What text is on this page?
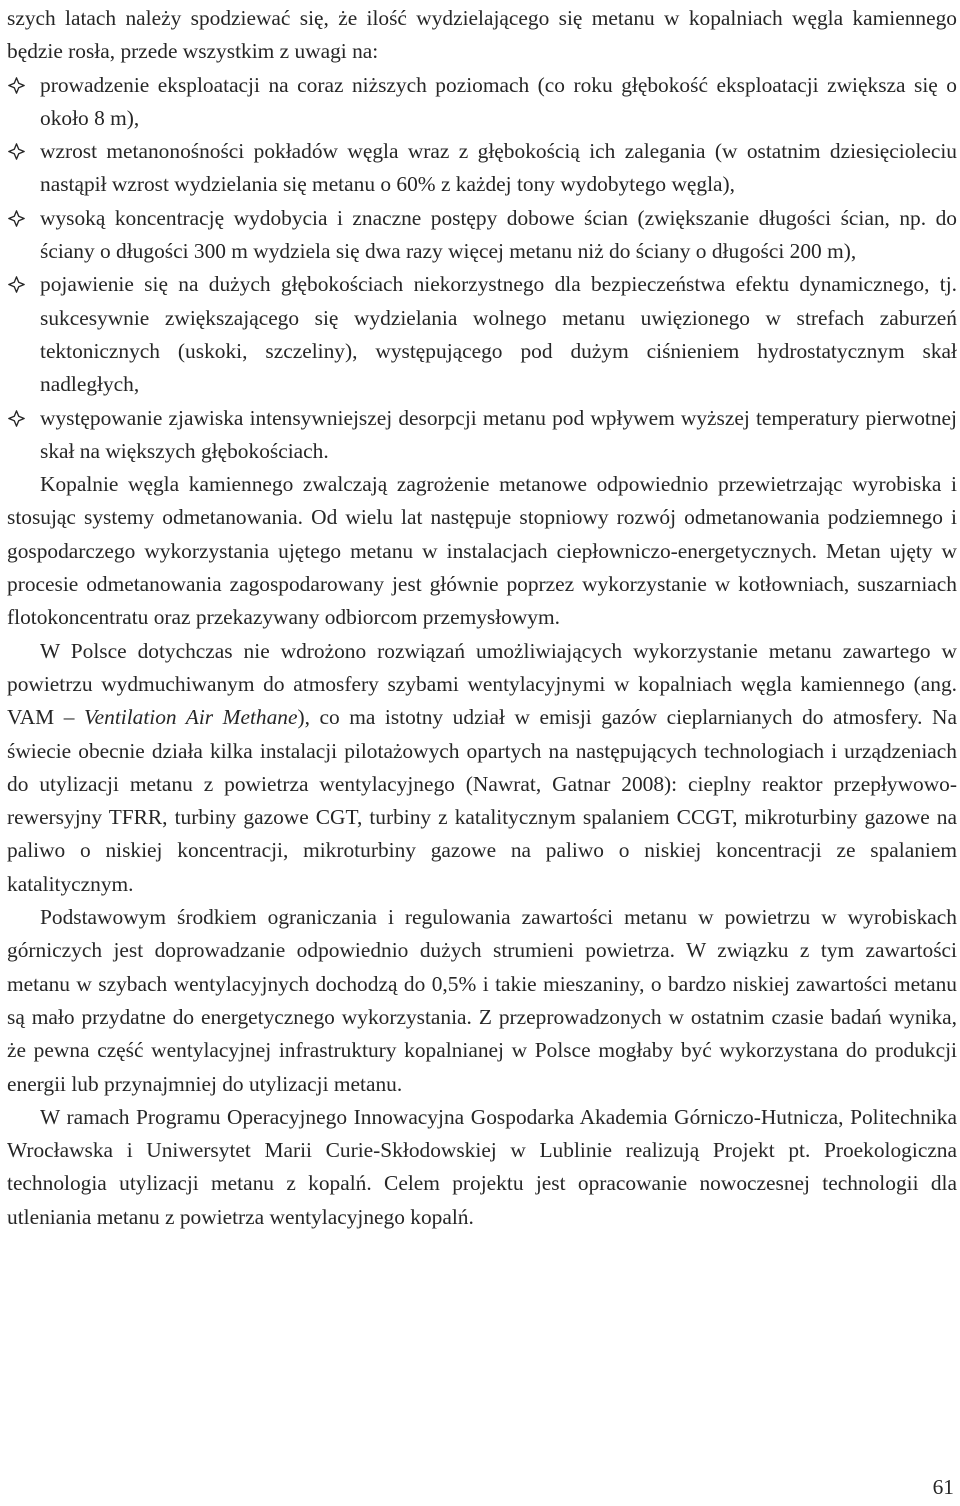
szych latach należy spodziewać się, że ilość wydzielającego się metanu w kopalniach węgla kamiennego będzie rosła, przede wszystkim z uwagi na:

prowadzenie eksploatacji na coraz niższych poziomach (co roku głębokość eksploatacji zwiększa się o około 8 m),
wzrost metanonośności pokładów węgla wraz z głębokością ich zalegania (w ostatnim dziesięcioleciu nastąpił wzrost wydzielania się metanu o 60% z każdej tony wydobytego węgla),
wysoką koncentrację wydobycia i znaczne postępy dobowe ścian (zwiększanie długości ścian, np. do ściany o długości 300 m wydziela się dwa razy więcej metanu niż do ściany o długości 200 m),
pojawienie się na dużych głębokościach niekorzystnego dla bezpieczeństwa efektu dynamicznego, tj. sukcesywnie zwiększającego się wydzielania wolnego metanu uwięzionego w strefach zaburzeń tektonicznych (uskoki, szczeliny), występującego pod dużym ciśnieniem hydrostatycznym skał nadległych,
występowanie zjawiska intensywniejszej desorpcji metanu pod wpływem wyższej temperatury pierwotnej skał na większych głębokościach.

Kopalnie węgla kamiennego zwalczają zagrożenie metanowe odpowiednio przewietrzając wyrobiska i stosując systemy odmetanowania. Od wielu lat następuje stopniowy rozwój odmetanowania podziemnego i gospodarczego wykorzystania ujętego metanu w instalacjach ciepłowniczo-energetycznych. Metan ujęty w procesie odmetanowania zagospodarowany jest głównie poprzez wykorzystanie w kotłowniach, suszarniach flotokoncentratu oraz przekazywany odbiorcom przemysłowym.

W Polsce dotychczas nie wdrożono rozwiązań umożliwiających wykorzystanie metanu zawartego w powietrzu wydmuchiwanym do atmosfery szybami wentylacyjnymi w kopalniach węgla kamiennego (ang. VAM – Ventilation Air Methane), co ma istotny udział w emisji gazów cieplarnianych do atmosfery. Na świecie obecnie działa kilka instalacji pilotażowych opartych na następujących technologiach i urządzeniach do utylizacji metanu z powietrza wentylacyjnego (Nawrat, Gatnar 2008): cieplny reaktor przepływowo-rewersyjny TFRR, turbiny gazowe CGT, turbiny z katalitycznym spalaniem CCGT, mikroturbiny gazowe na paliwo o niskiej koncentracji, mikroturbiny gazowe na paliwo o niskiej koncentracji ze spalaniem katalitycznym.

Podstawowym środkiem ograniczania i regulowania zawartości metanu w powietrzu w wyrobiskach górniczych jest doprowadzanie odpowiednio dużych strumieni powietrza. W związku z tym zawartości metanu w szybach wentylacyjnych dochodzą do 0,5% i takie mieszaniny, o bardzo niskiej zawartości metanu są mało przydatne do energetycznego wykorzystania. Z przeprowadzonych w ostatnim czasie badań wynika, że pewna część wentylacyjnej infrastruktury kopalnianej w Polsce mogłaby być wykorzystana do produkcji energii lub przynajmniej do utylizacji metanu.

W ramach Programu Operacyjnego Innowacyjna Gospodarka Akademia Górniczo-Hutnicza, Politechnika Wrocławska i Uniwersytet Marii Curie-Skłodowskiej w Lublinie realizują Projekt pt. Proekologiczna technologia utylizacji metanu z kopalń. Celem projektu jest opracowanie nowoczesnej technologii dla utleniania metanu z powietrza wentylacyjnego kopalń.

61
